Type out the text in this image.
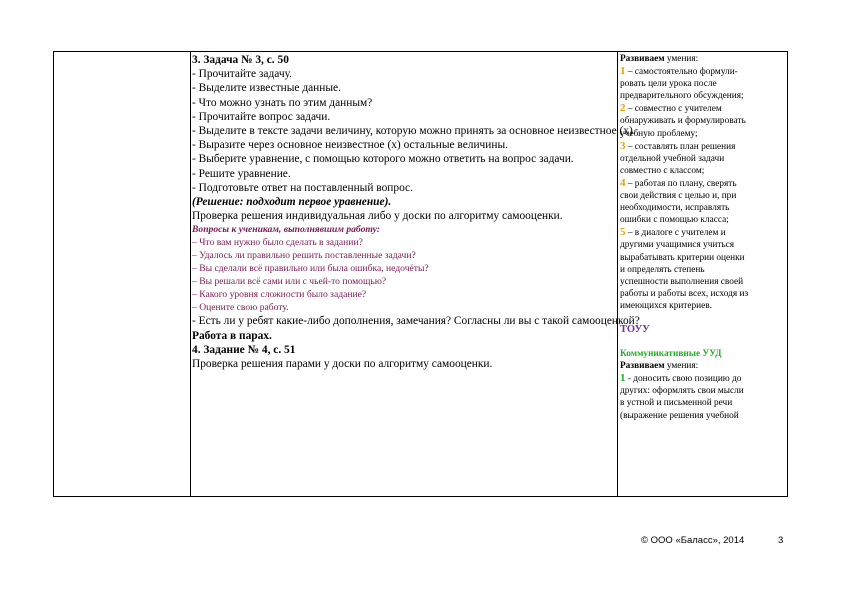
3. Задача № 3, с. 50
- Прочитайте задачу.
- Выделите известные данные.
- Что можно узнать по этим данным?
- Прочитайте вопрос задачи.
- Выделите в тексте задачи величину, которую можно принять за основное неизвестное (х).
- Выразите через основное неизвестное (х) остальные величины.
- Выберите уравнение, с помощью которого можно ответить на вопрос задачи.
- Решите уравнение.
- Подготовьте ответ на поставленный вопрос.
(Решение: подходит первое уравнение).
Проверка решения индивидуальная либо у доски по алгоритму самооценки.
Вопросы к ученикам, выполнявшим работу:
– Что вам нужно было сделать в задании?
– Удалось ли правильно решить поставленные задачи?
– Вы сделали всё правильно или была ошибка, недочёты?
– Вы решали всё сами или с чьей-то помощью?
– Какого уровня сложности было задание?
– Оцените свою работу.
- Есть ли у ребят какие-либо дополнения, замечания? Согласны ли вы с такой самооценкой?
Работа в парах.
4. Задание № 4, с. 51
Проверка решения парами у доски по алгоритму самооценки.
Развиваем умения:
1 – самостоятельно формули-
ровать цели урока после
предварительного обсуждения;
2 – совместно с учителем
обнаруживать и формулировать
учебную проблему;
3 – составлять план решения
отдельной учебной задачи
совместно с классом;
4 – работая по плану, сверять
свои действия с целью и, при
необходимости, исправлять
ошибки с помощью класса;
5 – в диалоге с учителем и
другими учащимися учиться
вырабатывать критерии оценки
и определять степень
успешности выполнения своей
работы и работы всех, исходя из
имеющихся критериев.
ТОУУ
Коммуникативные УУД
Развиваем умения:
1 - доносить свою позицию до
других: оформлять свои мысли
в устной и письменной речи
(выражение решения учебной
© ООО «Баласс», 2014	3
